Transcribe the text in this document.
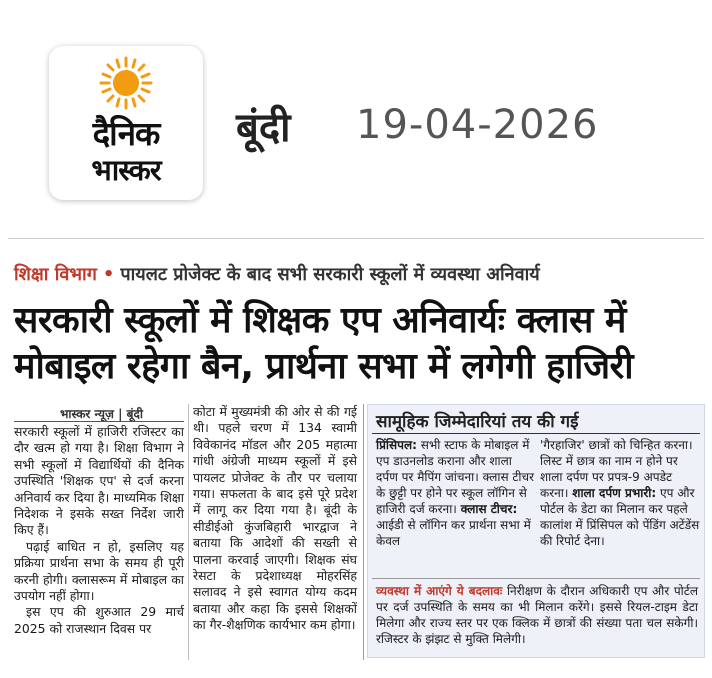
दैनिक
भास्कर
बूंदी 19-04-2026
शिक्षा विभाग • पायलट प्रोजेक्ट के बाद सभी सरकारी स्कूलों में व्यवस्था अनिवार्य
सरकारी स्कूलों में शिक्षक एप अनिवार्यः क्लास में
मोबाइल रहेगा बैन, प्रार्थना सभा में लगेगी हाजिरी
भास्कर न्यूज़ | बूंदी

सरकारी स्कूलों में हाजिरी रजिस्टर का दौर खत्म हो गया है। शिक्षा विभाग ने सभी स्कूलों में विद्यार्थियों की दैनिक उपस्थिति 'शिक्षक एप' से दर्ज करना अनिवार्य कर दिया है। माध्यमिक शिक्षा निदेशक ने इसके सख्त निर्देश जारी किए हैं।

पढ़ाई बाधित न हो, इसलिए यह प्रक्रिया प्रार्थना सभा के समय ही पूरी करनी होगी। क्लासरूम में मोबाइल का उपयोग नहीं होगा।

इस एप की शुरुआत 29 मार्च 2025 को राजस्थान दिवस पर

कोटा में मुख्यमंत्री की ओर से की गई थी। पहले चरण में 134 स्वामी विवेकानंद मॉडल और 205 महात्मा गांधी अंग्रेजी माध्यम स्कूलों में इसे पायलट प्रोजेक्ट के तौर पर चलाया गया। सफलता के बाद इसे पूरे प्रदेश में लागू कर दिया गया है। बूंदी के सीडीईओ कुंजबिहारी भारद्वाज ने बताया कि आदेशों की सख्ती से पालना करवाई जाएगी। शिक्षक संघ रेसटा के प्रदेशाध्यक्ष मोहरसिंह सलावद ने इसे स्वागत योग्य कदम बताया और कहा कि इससे शिक्षकों का गैर-शैक्षणिक कार्यभार कम होगा।

सामूहिक जिम्मेदारियां तय की गई
प्रिंसिपल: सभी स्टाफ के मोबाइल में एप डाउनलोड कराना और शाला दर्पण पर मैपिंग जांचना। क्लास टीचर के छुट्टी पर होने पर स्कूल लॉगिन से हाजिरी दर्ज करना। क्लास टीचर: आईडी से लॉगिन कर प्रार्थना सभा में केवल
'गैरहाजिर' छात्रों को चिन्हित करना। लिस्ट में छात्र का नाम न होने पर शाला दर्पण पर प्रपत्र-9 अपडेट करना। शाला दर्पण प्रभारी: एप और पोर्टल के डेटा का मिलान कर पहले कालांश में प्रिंसिपल को पेंडिंग अटेंडेंस की रिपोर्ट देना।
व्यवस्था में आएंगे ये बदलावः निरीक्षण के दौरान अधिकारी एप और पोर्टल पर दर्ज उपस्थिति के समय का भी मिलान करेंगे। इससे रियल-टाइम डेटा मिलेगा और राज्य स्तर पर एक क्लिक में छात्रों की संख्या पता चल सकेगी। रजिस्टर के झंझट से मुक्ति मिलेगी।
